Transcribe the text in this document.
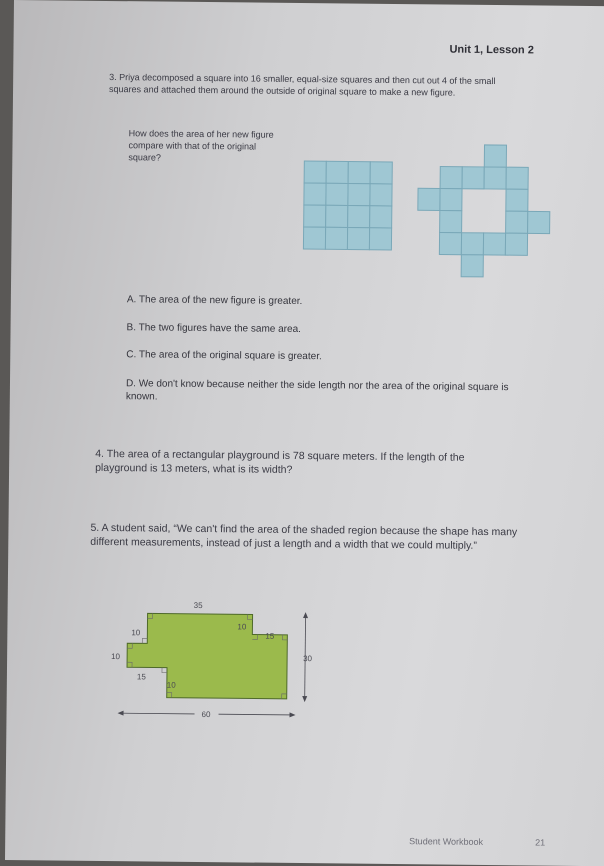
Unit 1, Lesson 2

3. Priya decomposed a square into 16 smaller, equal-size squares and then cut out 4 of the small squares and attached them around the outside of original square to make a new figure.

How does the area of her new figure compare with that of the original square?

A. The area of the new figure is greater.
B. The two figures have the same area.
C. The area of the original square is greater.
D. We don't know because neither the side length nor the area of the original square is known.

4. The area of a rectangular playground is 78 square meters. If the length of the playground is 13 meters, what is its width?

5. A student said, “We can't find the area of the shaded region because the shape has many different measurements, instead of just a length and a width that we could multiply.”

35
10
10
15
10	30
15
10
60

Student Workbook	21
